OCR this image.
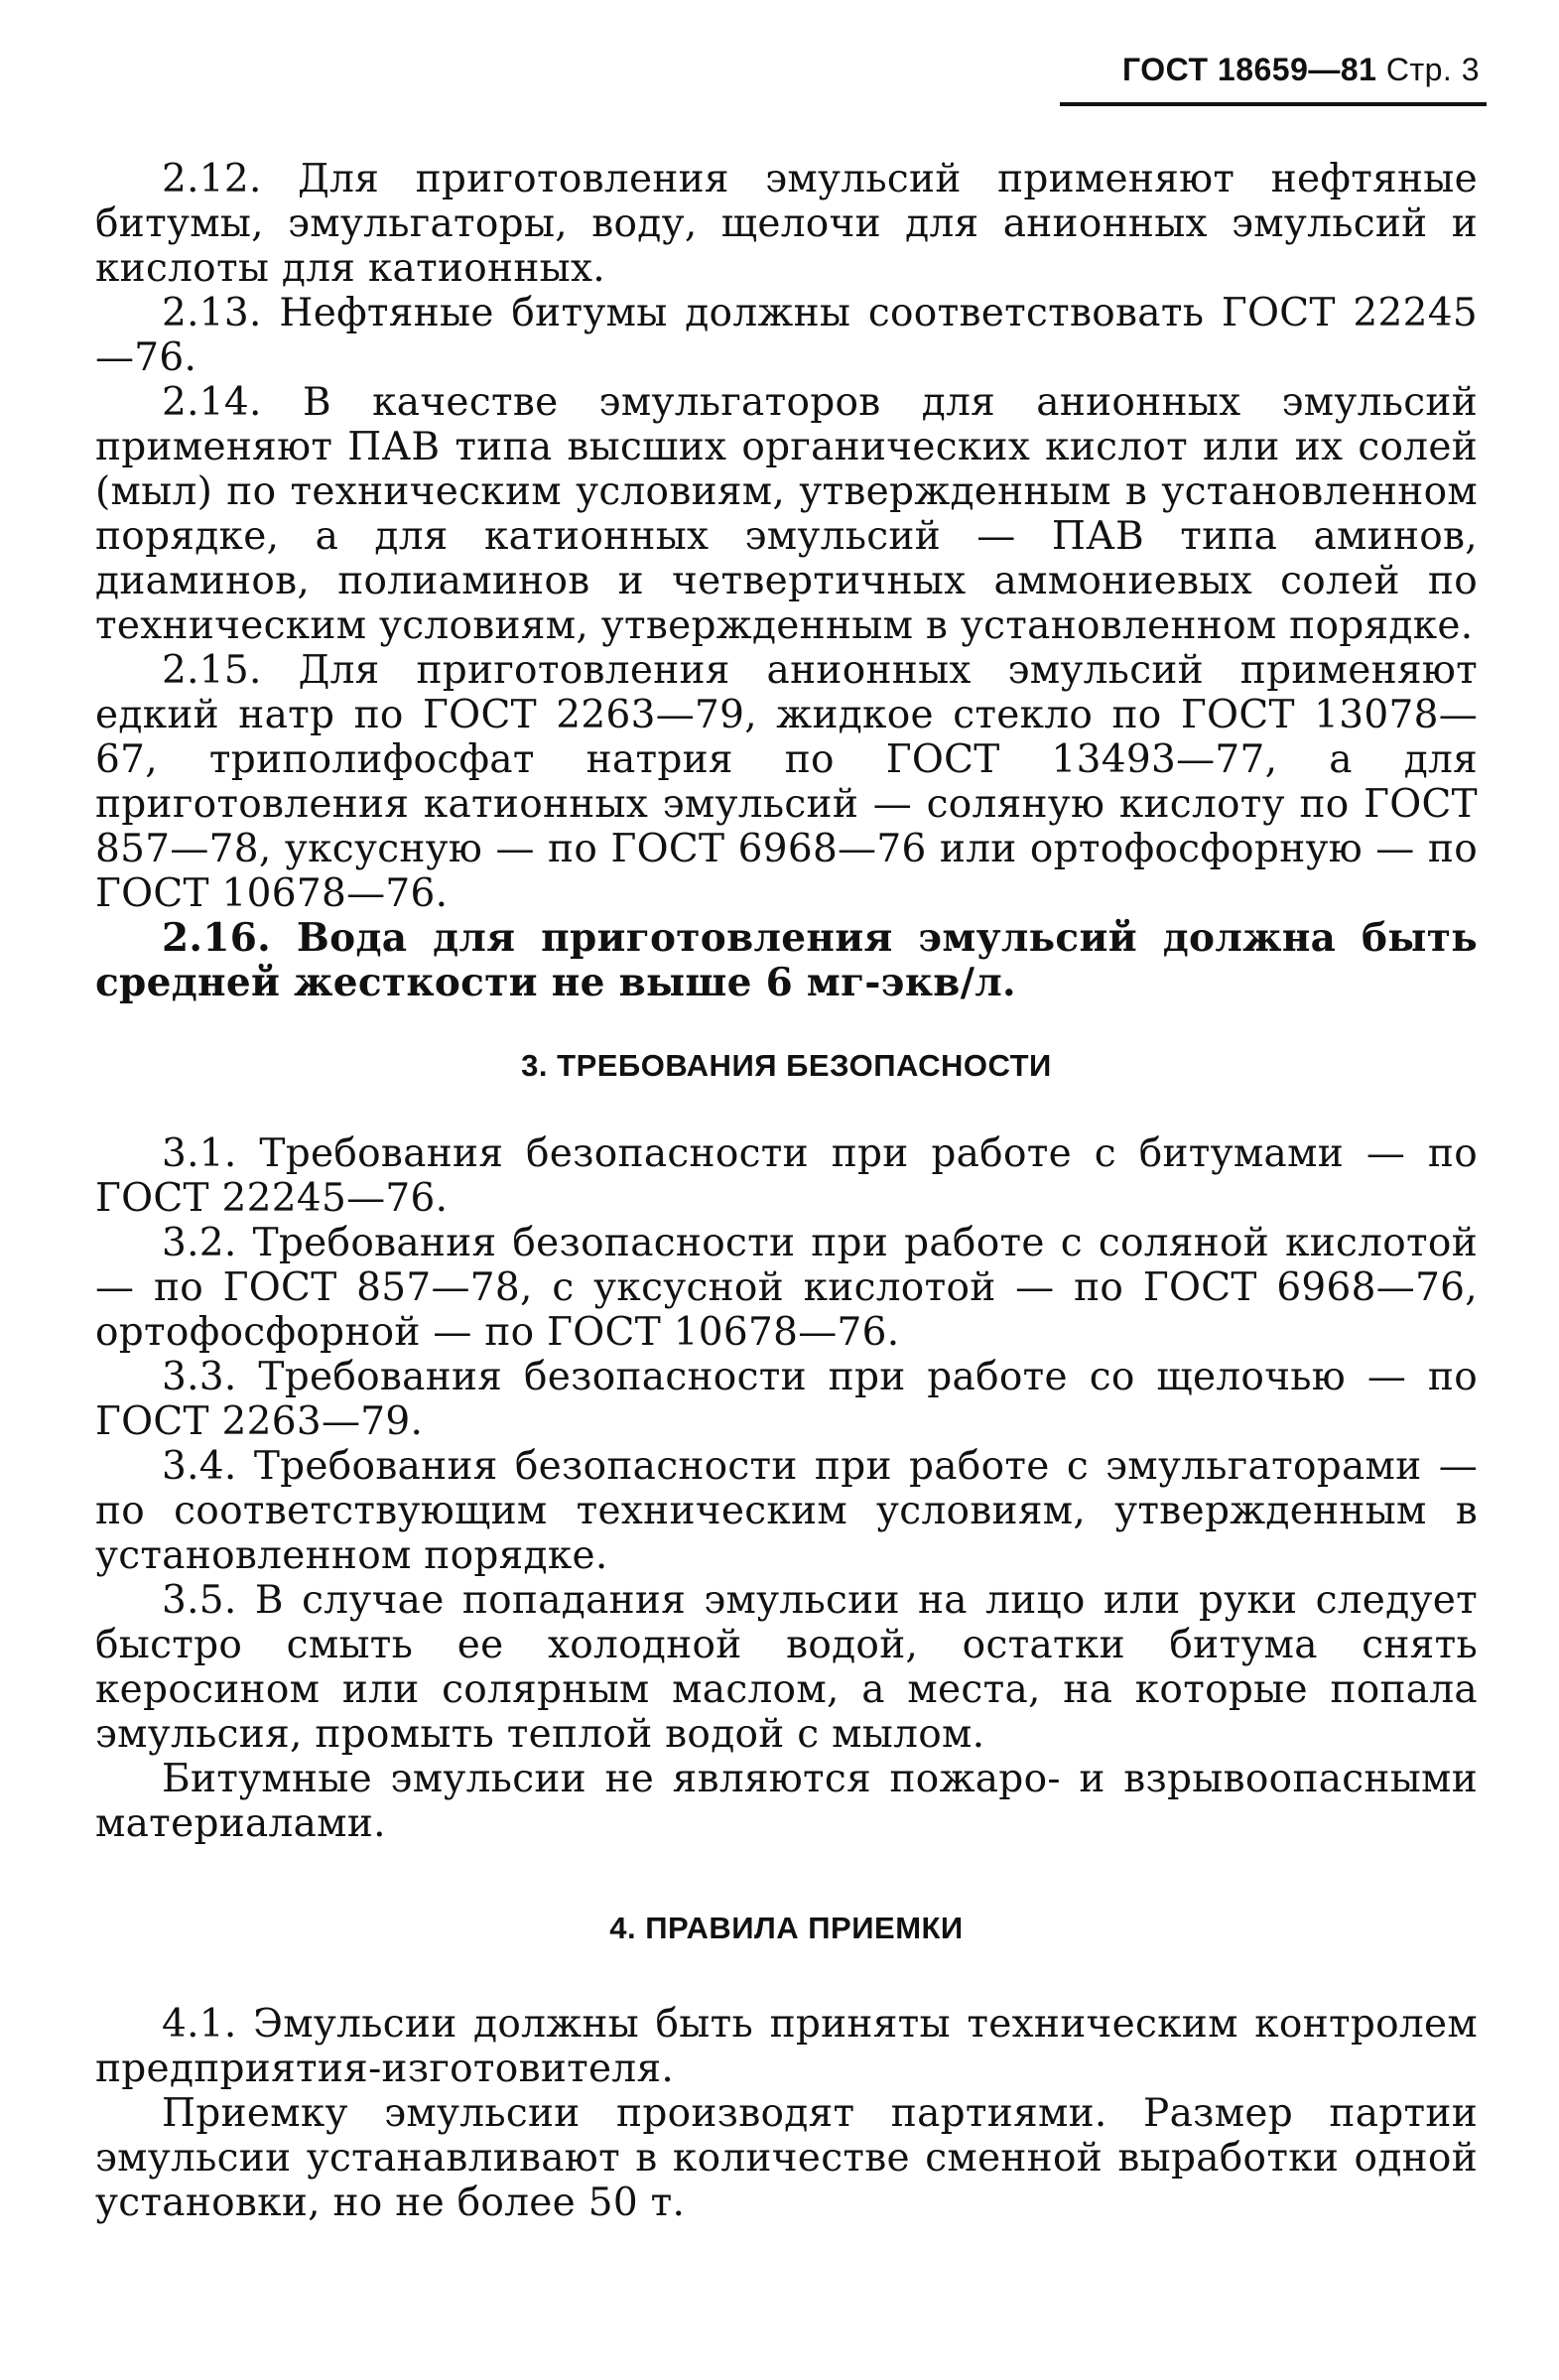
ГОСТ 18659—81 Стр. 3

2.12. Для приготовления эмульсий применяют нефтяные битумы, эмульгаторы, воду, щелочи для анионных эмульсий и кислоты для катионных.

2.13. Нефтяные битумы должны соответствовать ГОСТ 22245—76.

2.14. В качестве эмульгаторов для анионных эмульсий применяют ПАВ типа высших органических кислот или их солей (мыл) по техническим условиям, утвержденным в установленном порядке, а для катионных эмульсий — ПАВ типа аминов, диаминов, полиаминов и четвертичных аммониевых солей по техническим условиям, утвержденным в установленном порядке.

2.15. Для приготовления анионных эмульсий применяют едкий натр по ГОСТ 2263—79, жидкое стекло по ГОСТ 13078—67, триполифосфат натрия по ГОСТ 13493—77, а для приготовления катионных эмульсий — соляную кислоту по ГОСТ 857—78, уксусную — по ГОСТ 6968—76 или ортофосфорную — по ГОСТ 10678—76.

2.16. Вода для приготовления эмульсий должна быть средней жесткости не выше 6 мг-экв/л.

3. ТРЕБОВАНИЯ БЕЗОПАСНОСТИ

3.1. Требования безопасности при работе с битумами — по ГОСТ 22245—76.

3.2. Требования безопасности при работе с соляной кислотой — по ГОСТ 857—78, с уксусной кислотой — по ГОСТ 6968—76, ортофосфорной — по ГОСТ 10678—76.

3.3. Требования безопасности при работе со щелочью — по ГОСТ 2263—79.

3.4. Требования безопасности при работе с эмульгаторами — по соответствующим техническим условиям, утвержденным в установленном порядке.

3.5. В случае попадания эмульсии на лицо или руки следует быстро смыть ее холодной водой, остатки битума снять керосином или солярным маслом, а места, на которые попала эмульсия, промыть теплой водой с мылом.

Битумные эмульсии не являются пожаро- и взрывоопасными материалами.

4. ПРАВИЛА ПРИЕМКИ

4.1. Эмульсии должны быть приняты техническим контролем предприятия-изготовителя.

Приемку эмульсии производят партиями. Размер партии эмульсии устанавливают в количестве сменной выработки одной установки, но не более 50 т.
